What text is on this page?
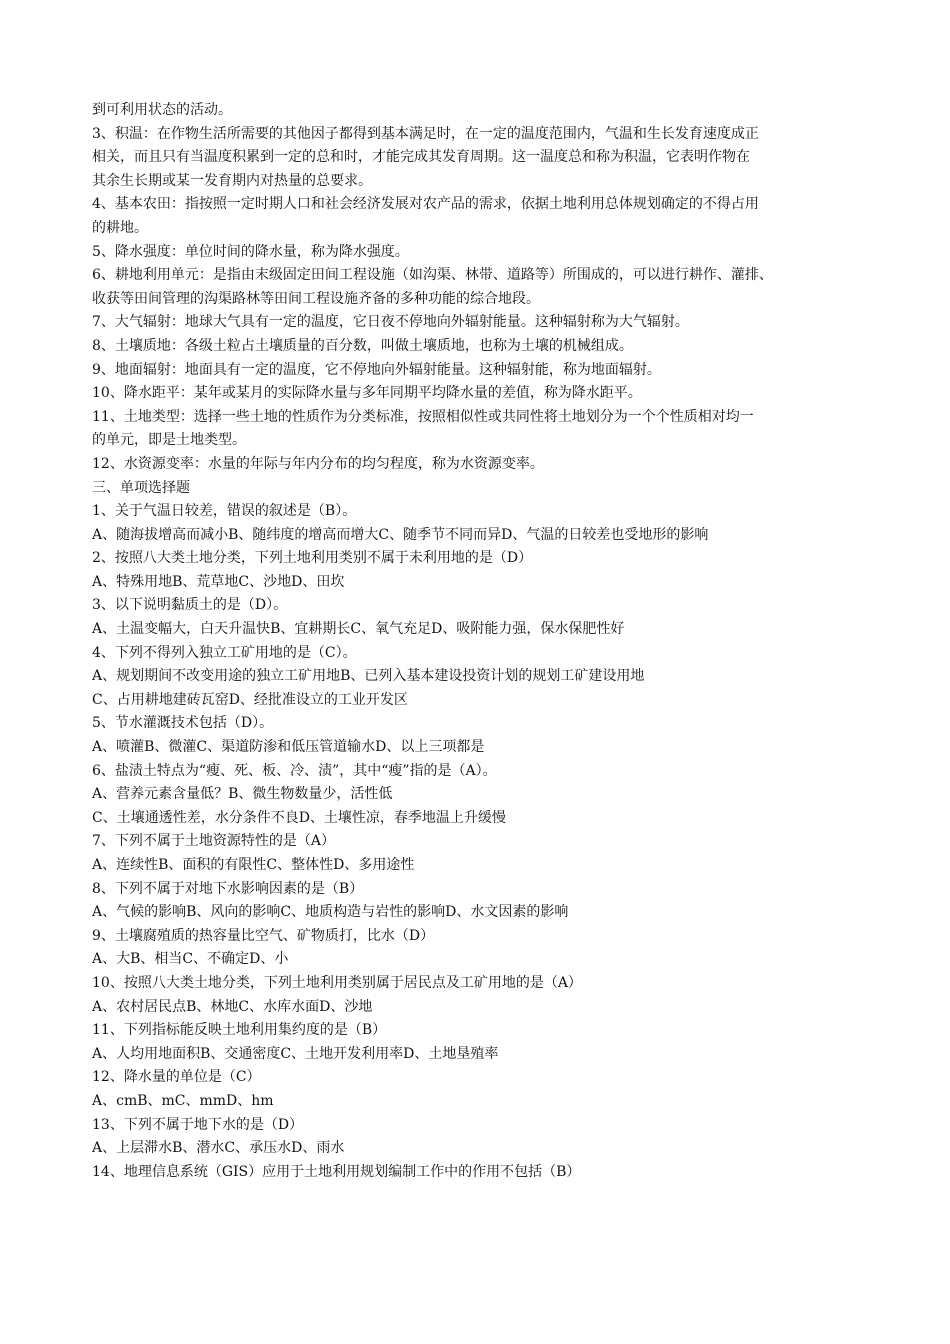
到可利用状态的活动。
3、积温：在作物生活所需要的其他因子都得到基本满足时，在一定的温度范围内，气温和生长发育速度成正
相关，而且只有当温度积累到一定的总和时，才能完成其发育周期。这一温度总和称为积温，它表明作物在
其余生长期或某一发育期内对热量的总要求。
4、基本农田：指按照一定时期人口和社会经济发展对农产品的需求，依据土地利用总体规划确定的不得占用
的耕地。
5、降水强度：单位时间的降水量，称为降水强度。
6、耕地利用单元：是指由末级固定田间工程设施（如沟渠、林带、道路等）所围成的，可以进行耕作、灌排、
收获等田间管理的沟渠路林等田间工程设施齐备的多种功能的综合地段。
7、大气辐射：地球大气具有一定的温度，它日夜不停地向外辐射能量。这种辐射称为大气辐射。
8、土壤质地：各级土粒占土壤质量的百分数，叫做土壤质地，也称为土壤的机械组成。
9、地面辐射：地面具有一定的温度，它不停地向外辐射能量。这种辐射能，称为地面辐射。
10、降水距平：某年或某月的实际降水量与多年同期平均降水量的差值，称为降水距平。
11、土地类型：选择一些土地的性质作为分类标准，按照相似性或共同性将土地划分为一个个性质相对均一
的单元，即是土地类型。
12、水资源变率：水量的年际与年内分布的均匀程度，称为水资源变率。
三、单项选择题
1、关于气温日较差，错误的叙述是（B）。
A、随海拔增高而减小B、随纬度的增高而增大C、随季节不同而异D、气温的日较差也受地形的影响
2、按照八大类土地分类，下列土地利用类别不属于未利用地的是（D）
A、特殊用地B、荒草地C、沙地D、田坎
3、以下说明黏质土的是（D）。
A、土温变幅大，白天升温快B、宜耕期长C、氧气充足D、吸附能力强，保水保肥性好
4、下列不得列入独立工矿用地的是（C）。
A、规划期间不改变用途的独立工矿用地B、已列入基本建设投资计划的规划工矿建设用地
C、占用耕地建砖瓦窑D、经批准设立的工业开发区
5、节水灌溉技术包括（D）。
A、喷灌B、微灌C、渠道防渗和低压管道输水D、以上三项都是
6、盐渍土特点为“瘦、死、板、冷、渍”，其中“瘦”指的是（A）。
A、营养元素含量低？B、微生物数量少，活性低
C、土壤通透性差，水分条件不良D、土壤性凉，春季地温上升缓慢
7、下列不属于土地资源特性的是（A）
A、连续性B、面积的有限性C、整体性D、多用途性
8、下列不属于对地下水影响因素的是（B）
A、气候的影响B、风向的影响C、地质构造与岩性的影响D、水文因素的影响
9、土壤腐殖质的热容量比空气、矿物质打，比水（D）
A、大B、相当C、不确定D、小
10、按照八大类土地分类，下列土地利用类别属于居民点及工矿用地的是（A）
A、农村居民点B、林地C、水库水面D、沙地
11、下列指标能反映土地利用集约度的是（B）
A、人均用地面积B、交通密度C、土地开发利用率D、土地垦殖率
12、降水量的单位是（C）
A、cmB、mC、mmD、hm
13、下列不属于地下水的是（D）
A、上层滞水B、潜水C、承压水D、雨水
14、地理信息系统（GIS）应用于土地利用规划编制工作中的作用不包括（B）
